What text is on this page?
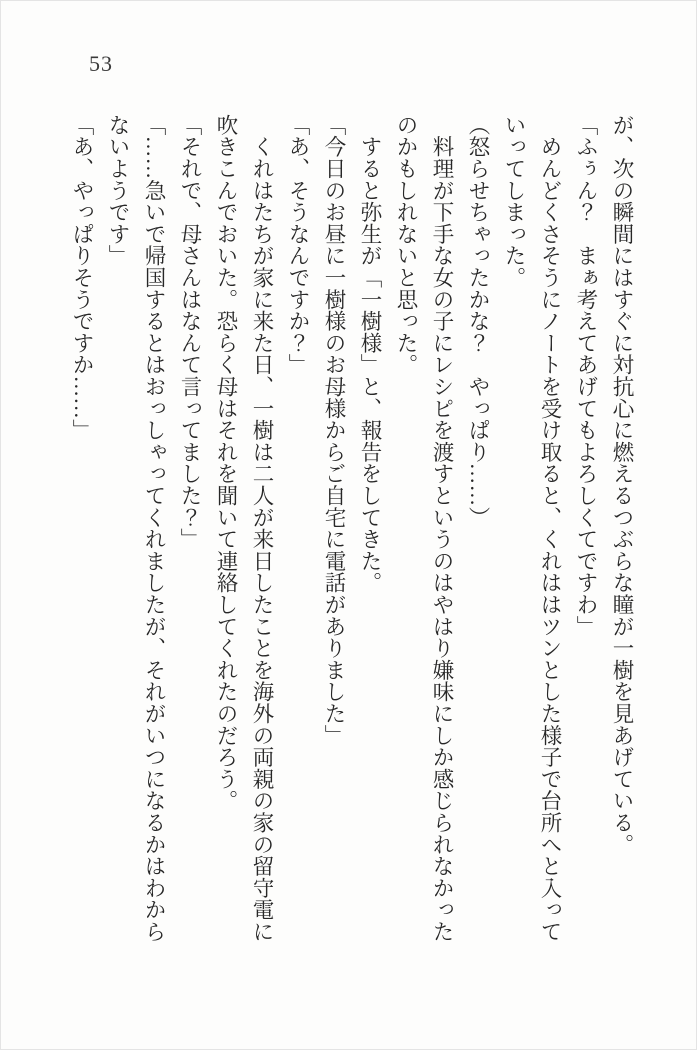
53

が、次の瞬間にはすぐに対抗心に燃えるつぶらな瞳が一樹を見あげている。

「ふぅん？　まぁ考えてあげてもよろしくてですわ」

　めんどくさそうにノートを受け取ると、くれははツンとした様子で台所へと入って

いってしまった。

（怒らせちゃったかな？　やっぱり……）

　料理が下手な女の子にレシピを渡すというのはやはり嫌味にしか感じられなかった

のかもしれないと思った。

　すると弥生が「一樹様」と、報告をしてきた。

「今日のお昼に一樹様のお母様からご自宅に電話がありました」

「あ、そうなんですか？」

　くれはたちが家に来た日、一樹は二人が来日したことを海外の両親の家の留守電に

吹きこんでおいた。恐らく母はそれを聞いて連絡してくれたのだろう。

「それで、母さんはなんて言ってました？」

「……急いで帰国するとはおっしゃってくれましたが、それがいつになるかはわから

ないようです」

「あ、やっぱりそうですか……」
